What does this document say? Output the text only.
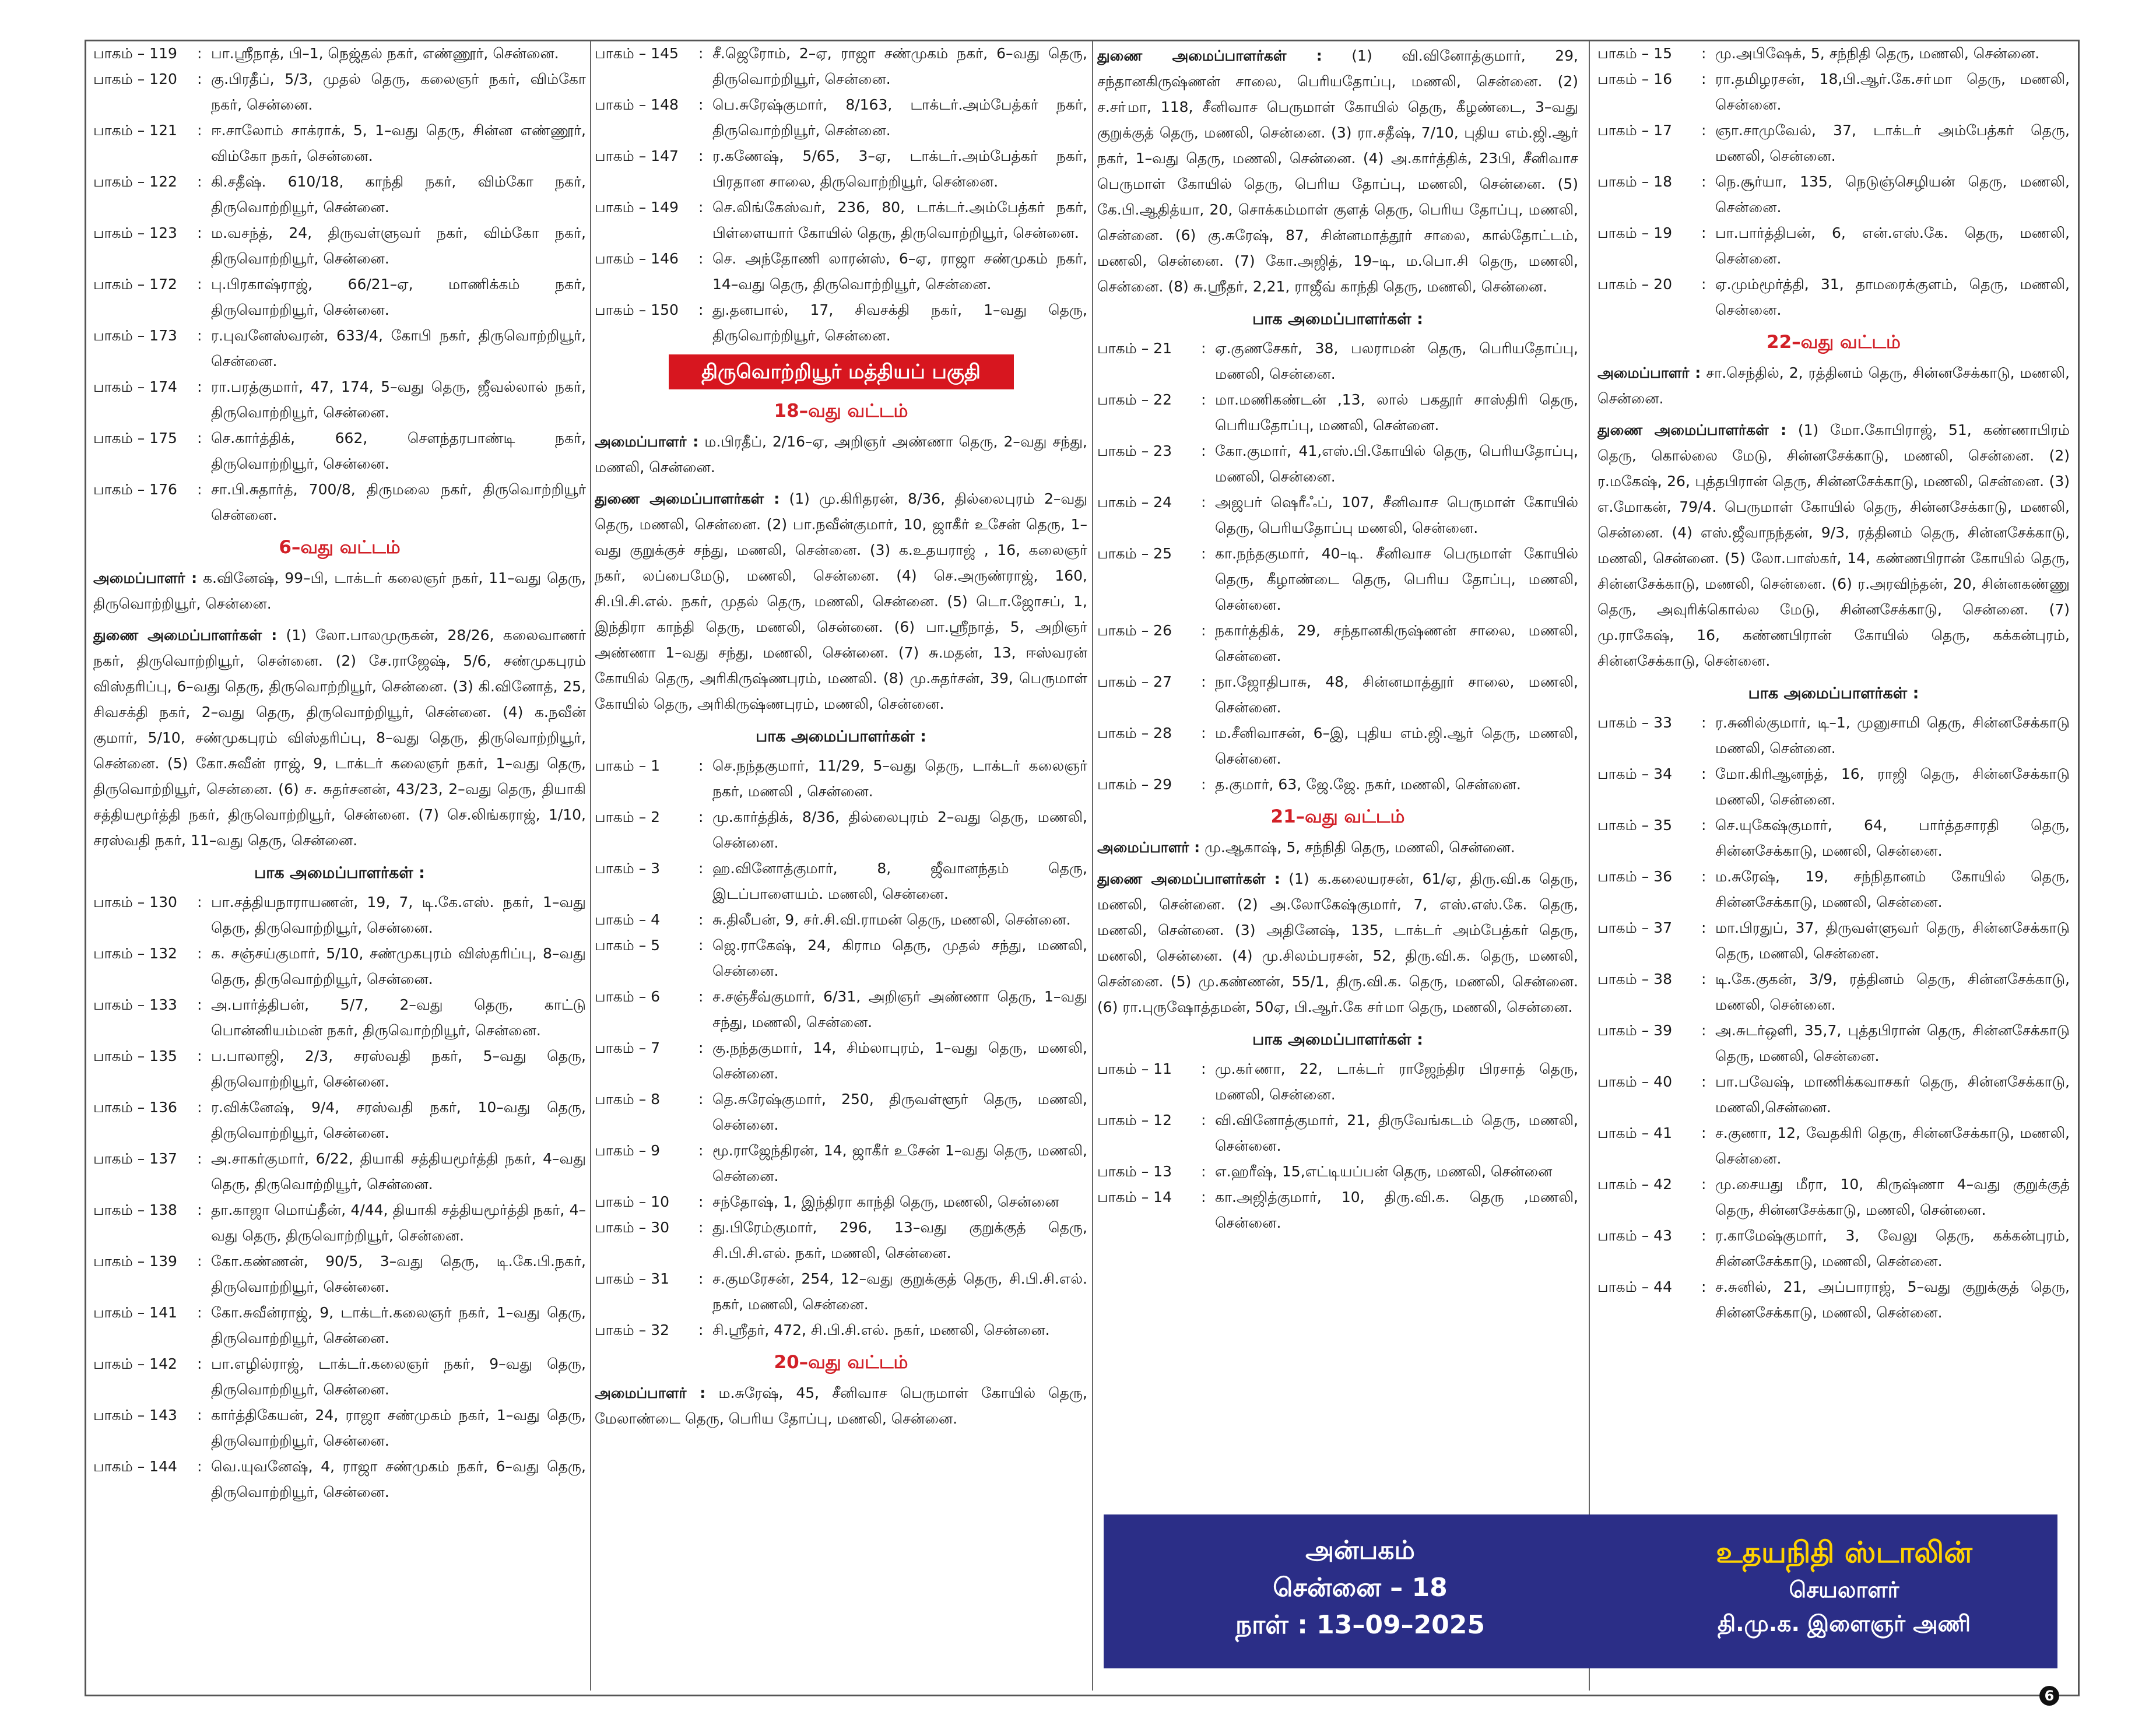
பாகம் – 119	: பா.ஸ்ரீநாத், பி–1, நெஜ்தல் நகர், எண்ணூர், சென்னை.
பாகம் – 120	: கு.பிரதீப், 5/3, முதல் தெரு, கலைஞர் நகர், விம்கோ நகர், சென்னை.
பாகம் – 121	: ஈ.சாலோம் சாக்ராக், 5, 1–வது தெரு, சின்ன எண்ணூர், விம்கோ நகர், சென்னை.
பாகம் – 122	: கி.சதீஷ். 610/18, காந்தி நகர், விம்கோ நகர், திருவொற்றியூர், சென்னை.
பாகம் – 123	: ம.வசந்த், 24, திருவள்ளுவர் நகர், விம்கோ நகர், திருவொற்றியூர், சென்னை.
பாகம் – 172	: பு.பிரகாஷ்ராஜ், 66/21–ஏ, மாணிக்கம் நகர், திருவொற்றியூர், சென்னை.
பாகம் – 173	: ர.புவனேஸ்வரன், 633/4, கோபி நகர், திருவொற்றியூர், சென்னை.
பாகம் – 174	: ரா.பரத்குமார், 47, 174, 5–வது தெரு, ஜீவல்லால் நகர், திருவொற்றியூர், சென்னை.
பாகம் – 175	: செ.கார்த்திக், 662, சௌந்தரபாண்டி நகர், திருவொற்றியூர், சென்னை.
பாகம் – 176	: சா.பி.சுதார்த், 700/8, திருமலை நகர், திருவொற்றியூர் சென்னை.
6–வது வட்டம்
அமைப்பாளர் : க.வினேஷ், 99–பி, டாக்டர் கலைஞர் நகர், 11–வது தெரு, திருவொற்றியூர், சென்னை.
துணை அமைப்பாளர்கள் : (1) லோ.பாலமுருகன், 28/26, கலைவாணர் நகர், திருவொற்றியூர், சென்னை. (2) சே.ராஜேஷ், 5/6, சண்முகபுரம் விஸ்தரிப்பு, 6–வது தெரு, திருவொற்றியூர், சென்னை. (3) கி.வினோத், 25, சிவசக்தி நகர், 2–வது தெரு, திருவொற்றியூர், சென்னை. (4) க.நவீன் குமார், 5/10, சண்முகபுரம் விஸ்தரிப்பு, 8–வது தெரு, திருவொற்றியூர், சென்னை. (5) கோ.சுவீன் ராஜ், 9, டாக்டர் கலைஞர் நகர், 1–வது தெரு, திருவொற்றியூர், சென்னை. (6) ச. சுதர்சனன், 43/23, 2–வது தெரு, தியாகி சத்தியமூர்த்தி நகர், திருவொற்றியூர், சென்னை. (7) செ.லிங்கராஜ், 1/10, சரஸ்வதி நகர், 11–வது தெரு, சென்னை.
பாக அமைப்பாளர்கள் :
பாகம் – 130	: பா.சத்தியநாராயணன், 19, 7, டி.கே.எஸ். நகர், 1–வது தெரு, திருவொற்றியூர், சென்னை.
பாகம் – 132	: க. சஞ்சய்குமார், 5/10, சண்முகபுரம் விஸ்தரிப்பு, 8–வது தெரு, திருவொற்றியூர், சென்னை.
பாகம் – 133	: அ.பார்த்திபன், 5/7, 2–வது தெரு, காட்டு பொன்னியம்மன் நகர், திருவொற்றியூர், சென்னை.
பாகம் – 135	: ப.பாலாஜி, 2/3, சரஸ்வதி நகர், 5–வது தெரு, திருவொற்றியூர், சென்னை.
பாகம் – 136	: ர.விக்னேஷ், 9/4, சரஸ்வதி நகர், 10–வது தெரு, திருவொற்றியூர், சென்னை.
பாகம் – 137	: அ.சாகர்குமார், 6/22, தியாகி சத்தியமூர்த்தி நகர், 4–வது தெரு, திருவொற்றியூர், சென்னை.
பாகம் – 138	: தா.காஜா மொய்தீன், 4/44, தியாகி சத்தியமூர்த்தி நகர், 4–வது தெரு, திருவொற்றியூர், சென்னை.
பாகம் – 139	: கோ.கண்ணன், 90/5, 3–வது தெரு, டி.கே.பி.நகர், திருவொற்றியூர், சென்னை.
பாகம் – 141	: கோ.சுவீன்ராஜ், 9, டாக்டர்.கலைஞர் நகர், 1–வது தெரு, திருவொற்றியூர், சென்னை.
பாகம் – 142	: பா.எழில்ராஜ், டாக்டர்.கலைஞர் நகர், 9–வது தெரு, திருவொற்றியூர், சென்னை.
பாகம் – 143	: கார்த்திகேயன், 24, ராஜா சண்முகம் நகர், 1–வது தெரு, திருவொற்றியூர், சென்னை.
பாகம் – 144	: வெ.யுவனேஷ், 4, ராஜா சண்முகம் நகர், 6–வது தெரு, திருவொற்றியூர், சென்னை.
பாகம் – 145	: சீ.ஜெரோம், 2–ஏ, ராஜா சண்முகம் நகர், 6–வது தெரு, திருவொற்றியூர், சென்னை.
பாகம் – 148	: பெ.சுரேஷ்குமார், 8/163, டாக்டர்.அம்பேத்கர் நகர், திருவொற்றியூர், சென்னை.
பாகம் – 147	: ர.கணேஷ், 5/65, 3–ஏ, டாக்டர்.அம்பேத்கர் நகர், பிரதான சாலை, திருவொற்றியூர், சென்னை.
பாகம் – 149	: செ.லிங்கேஸ்வர், 236, 80, டாக்டர்.அம்பேத்கர் நகர், பிள்ளையார் கோயில் தெரு, திருவொற்றியூர், சென்னை.
பாகம் – 146	: செ. அந்தோணி லாரன்ஸ், 6–ஏ, ராஜா சண்முகம் நகர், 14–வது தெரு, திருவொற்றியூர், சென்னை.
பாகம் – 150	: து.தனபால், 17, சிவசக்தி நகர், 1–வது தெரு, திருவொற்றியூர், சென்னை.
திருவொற்றியூர் மத்தியப் பகுதி
18–வது வட்டம்
அமைப்பாளர் : ம.பிரதீப், 2/16–ஏ, அறிஞர் அண்ணா தெரு, 2–வது சந்து, மணலி, சென்னை.
துணை அமைப்பாளர்கள் : (1) மு.கிரிதரன், 8/36, தில்லைபுரம் 2–வது தெரு, மணலி, சென்னை. (2) பா.நவீன்குமார், 10, ஜாகீர் உசேன் தெரு, 1–வது குறுக்குச் சந்து, மணலி, சென்னை. (3) க.உதயராஜ் , 16, கலைஞர் நகர், லப்பைமேடு, மணலி, சென்னை. (4) செ.அருண்ராஜ், 160, சி.பி.சி.எல். நகர், முதல் தெரு, மணலி, சென்னை. (5) டொ.ஜோசப், 1, இந்திரா காந்தி தெரு, மணலி, சென்னை. (6) பா.ஸ்ரீநாத், 5, அறிஞர் அண்ணா 1–வது சந்து, மணலி, சென்னை. (7) சு.மதன், 13, ஈஸ்வரன் கோயில் தெரு, அரிகிருஷ்ணபுரம், மணலி. (8) மு.சுதர்சன், 39, பெருமாள் கோயில் தெரு, அரிகிருஷ்ணபுரம், மணலி, சென்னை.
பாக அமைப்பாளர்கள் :
பாகம் – 1	: செ.நந்தகுமார், 11/29, 5–வது தெரு, டாக்டர் கலைஞர் நகர், மணலி , சென்னை.
பாகம் – 2	: மு.கார்த்திக், 8/36, தில்லைபுரம் 2–வது தெரு, மணலி, சென்னை.
பாகம் – 3	: ஹ.வினோத்குமார், 8, ஜீவானந்தம் தெரு, இடப்பாளையம். மணலி, சென்னை.
பாகம் – 4	: சு.திலீபன், 9, சர்.சி.வி.ராமன் தெரு, மணலி, சென்னை.
பாகம் – 5	: ஜெ.ராகேஷ், 24, கிராம தெரு, முதல் சந்து, மணலி, சென்னை.
பாகம் – 6	: ச.சஞ்சீவ்குமார், 6/31, அறிஞர் அண்ணா தெரு, 1–வது சந்து, மணலி, சென்னை.
பாகம் – 7	: கு.நந்தகுமார், 14, சிம்லாபுரம், 1–வது தெரு, மணலி, சென்னை.
பாகம் – 8	: தெ.சுரேஷ்குமார், 250, திருவள்ளூர் தெரு, மணலி, சென்னை.
பாகம் – 9	: மூ.ராஜேந்திரன், 14, ஜாகீர் உசேன் 1–வது தெரு, மணலி, சென்னை.
பாகம் – 10	: சந்தோஷ், 1, இந்திரா காந்தி தெரு, மணலி, சென்னை
பாகம் – 30	: து.பிரேம்குமார், 296, 13–வது குறுக்குத் தெரு, சி.பி.சி.எல். நகர், மணலி, சென்னை.
பாகம் – 31	: ச.குமரேசன், 254, 12–வது குறுக்குத் தெரு, சி.பி.சி.எல். நகர், மணலி, சென்னை.
பாகம் – 32	: சி.ஸ்ரீதர், 472, சி.பி.சி.எல். நகர், மணலி, சென்னை.
20–வது வட்டம்
அமைப்பாளர் : ம.சுரேஷ், 45, சீனிவாச பெருமாள் கோயில் தெரு, மேலாண்டை தெரு, பெரிய தோப்பு, மணலி, சென்னை.
துணை அமைப்பாளர்கள் : (1) வி.வினோத்குமார், 29, சந்தானகிருஷ்ணன் சாலை, பெரியதோப்பு, மணலி, சென்னை. (2) ச.சா்மா, 118, சீனிவாச பெருமாள் கோயில் தெரு, கீழண்டை, 3–வது குறுக்குத் தெரு, மணலி, சென்னை. (3) ரா.சதீஷ், 7/10, புதிய எம்.ஜி.ஆர் நகர், 1–வது தெரு, மணலி, சென்னை. (4) அ.கார்த்திக், 23பி, சீனிவாச பெருமாள் கோயில் தெரு, பெரிய தோப்பு, மணலி, சென்னை. (5) கே.பி.ஆதித்யா, 20, சொக்கம்மாள் குளத் தெரு, பெரிய தோப்பு, மணலி, சென்னை. (6) கு.சுரேஷ், 87, சின்னமாத்தூர் சாலை, கால்தோட்டம், மணலி, சென்னை. (7) கோ.அஜித், 19–டி, ம.பொ.சி தெரு, மணலி, சென்னை. (8) சு.ஸ்ரீதர், 2,21, ராஜீவ் காந்தி தெரு, மணலி, சென்னை.
பாக அமைப்பாளர்கள் :
பாகம் – 21	: ஏ.குணசேகர், 38, பலராமன் தெரு, பெரியதோப்பு, மணலி, சென்னை.
பாகம் – 22	: மா.மணிகண்டன் ,13, லால் பகதூர் சாஸ்திரி தெரு, பெரியதோப்பு, மணலி, சென்னை.
பாகம் – 23	: கோ.குமார், 41,எஸ்.பி.கோயில் தெரு, பெரியதோப்பு, மணலி, சென்னை.
பாகம் – 24	: அஜபர் ஷெரீஃப், 107, சீனிவாச பெருமாள் கோயில் தெரு, பெரியதோப்பு மணலி, சென்னை.
பாகம் – 25	: கா.நந்தகுமார், 40–டி. சீனிவாச பெருமாள் கோயில் தெரு, கீழாண்டை தெரு, பெரிய தோப்பு, மணலி, சென்னை.
பாகம் – 26	: நகார்த்திக், 29, சந்தானகிருஷ்ணன் சாலை, மணலி, சென்னை.
பாகம் – 27	: நா.ஜோதிபாசு, 48, சின்னமாத்தூர் சாலை, மணலி, சென்னை.
பாகம் – 28	: ம.சீனிவாசன், 6–இ, புதிய எம்.ஜி.ஆர் தெரு, மணலி, சென்னை.
பாகம் – 29	: த.குமார், 63, ஜே.ஜே. நகர், மணலி, சென்னை.
21–வது வட்டம்
அமைப்பாளர் : மு.ஆகாஷ், 5, சந்நிதி தெரு, மணலி, சென்னை.
துணை அமைப்பாளர்கள் : (1) க.கலையரசன், 61/ஏ, திரு.வி.க தெரு, மணலி, சென்னை. (2) அ.லோகேஷ்குமார், 7, எஸ்.எஸ்.கே. தெரு, மணலி, சென்னை. (3) அதினேஷ், 135, டாக்டர் அம்பேத்கர் தெரு, மணலி, சென்னை. (4) மு.சிலம்பரசன், 52, திரு.வி.க. தெரு, மணலி, சென்னை. (5) மு.கண்ணன், 55/1, திரு.வி.க. தெரு, மணலி, சென்னை. (6) ரா.புருஷோத்தமன், 50ஏ, பி.ஆர்.கே சா்மா தெரு, மணலி, சென்னை.
பாக அமைப்பாளர்கள் :
பாகம் – 11	: மு.கா்ணா, 22, டாக்டர் ராஜேந்திர பிரசாத் தெரு, மணலி, சென்னை.
பாகம் – 12	: வி.வினோத்குமார், 21, திருவேங்கடம் தெரு, மணலி, சென்னை.
பாகம் – 13	: எ.ஹரீஷ், 15,எட்டியப்பன் தெரு, மணலி, சென்னை
பாகம் – 14	: கா.அஜித்குமார், 10, திரு.வி.க. தெரு ,மணலி, சென்னை.
பாகம் – 15	: மு.அபிஷேக், 5, சந்நிதி தெரு, மணலி, சென்னை.
பாகம் – 16	: ரா.தமிழரசன், 18,பி.ஆர்.கே.சா்மா தெரு, மணலி, சென்னை.
பாகம் – 17	: ஞா.சாமுவேல், 37, டாக்டர் அம்பேத்கர் தெரு, மணலி, சென்னை.
பாகம் – 18	: நெ.சூர்யா, 135, நெடுஞ்செழியன் தெரு, மணலி, சென்னை.
பாகம் – 19	: பா.பார்த்திபன், 6, என்.எஸ்.கே. தெரு, மணலி, சென்னை.
பாகம் – 20	: ஏ.மும்மூர்த்தி, 31, தாமரைக்குளம், தெரு, மணலி, சென்னை.
22–வது வட்டம்
அமைப்பாளர் : சா.செந்தில், 2, ரத்தினம் தெரு, சின்னசேக்காடு, மணலி, சென்னை.
துணை அமைப்பாளர்கள் : (1) மோ.கோபிராஜ், 51, கண்ணாபிரம் தெரு, கொல்லை மேடு, சின்னசேக்காடு, மணலி, சென்னை. (2) ர.மகேஷ், 26, புத்தபிரான் தெரு, சின்னசேக்காடு, மணலி, சென்னை. (3) எ.மோகன், 79/4. பெருமாள் கோயில் தெரு, சின்னசேக்காடு, மணலி, சென்னை. (4) எஸ்.ஜீவாநந்தன், 9/3, ரத்தினம் தெரு, சின்னசேக்காடு, மணலி, சென்னை. (5) லோ.பாஸ்கர், 14, கண்ணபிரான் கோயில் தெரு, சின்னசேக்காடு, மணலி, சென்னை. (6) ர.அரவிந்தன், 20, சின்னகண்ணு தெரு, அவுரிக்கொல்ல மேடு, சின்னசேக்காடு, சென்னை. (7) மு.ராகேஷ், 16, கண்ணபிரான் கோயில் தெரு, கக்கன்புரம், சின்னசேக்காடு, சென்னை.
பாக அமைப்பாளர்கள் :
பாகம் – 33	: ர.சுனில்குமார், டி–1, முனுசாமி தெரு, சின்னசேக்காடு மணலி, சென்னை.
பாகம் – 34	: மோ.கிரிஆனந்த், 16, ராஜி தெரு, சின்னசேக்காடு மணலி, சென்னை.
பாகம் – 35	: செ.யுகேஷ்குமார், 64, பார்த்தசாரதி தெரு, சின்னசேக்காடு, மணலி, சென்னை.
பாகம் – 36	: ம.சுரேஷ், 19, சந்நிதானம் கோயில் தெரு, சின்னசேக்காடு, மணலி, சென்னை.
பாகம் – 37	: மா.பிரதுப், 37, திருவள்ளுவர் தெரு, சின்னசேக்காடு தெரு, மணலி, சென்னை.
பாகம் – 38	: டி.கே.குகன், 3/9, ரத்தினம் தெரு, சின்னசேக்காடு, மணலி, சென்னை.
பாகம் – 39	: அ.சுடர்ஒளி, 35,7, புத்தபிரான் தெரு, சின்னசேக்காடு தெரு, மணலி, சென்னை.
பாகம் – 40	: பா.பவேஷ், மாணிக்கவாசகர் தெரு, சின்னசேக்காடு, மணலி,சென்னை.
பாகம் – 41	: ச.குணா, 12, வேதகிரி தெரு, சின்னசேக்காடு, மணலி, சென்னை.
பாகம் – 42	: மு.சையது மீரா, 10, கிருஷ்ணா 4–வது குறுக்குத் தெரு, சின்னசேக்காடு, மணலி, சென்னை.
பாகம் – 43	: ர.காமேஷ்குமார், 3, வேலு தெரு, கக்கன்புரம், சின்னசேக்காடு, மணலி, சென்னை.
பாகம் – 44	: ச.சுனில், 21, அப்பாராஜ், 5–வது குறுக்குத் தெரு, சின்னசேக்காடு, மணலி, சென்னை.
அன்பகம்
சென்னை – 18
நாள் : 13–09–2025
உதயநிதி ஸ்டாலின்
செயலாளர்
தி.மு.க. இளைஞர் அணி
6
